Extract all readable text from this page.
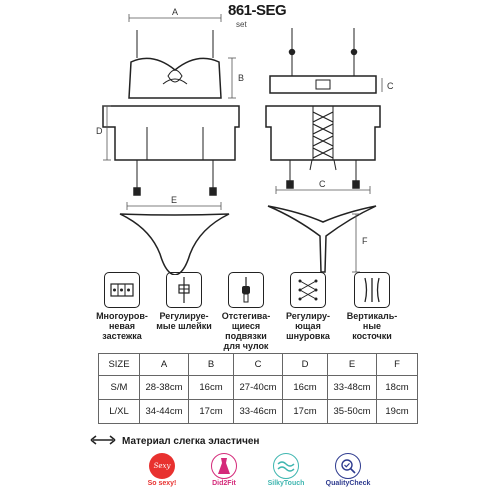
861-SEG
set
A
B
C
D
C
E
F
Многоуров-невая застежка
Регулируе-мые шлейки
Отстегива-щиеся подвязки для чулок
Регулиру-ющая шнуровка
Вертикаль-ные косточки
SIZE	A	B	C	D	E	F
S/M	28-38cm	16cm	27-40cm	16cm	33-48cm	18cm
L/XL	34-44cm	17cm	33-46cm	17cm	35-50cm	19cm
Материал слегка эластичен
Sexy
So sexy!	Did2Fit	SilkyTouch	QualityCheck
